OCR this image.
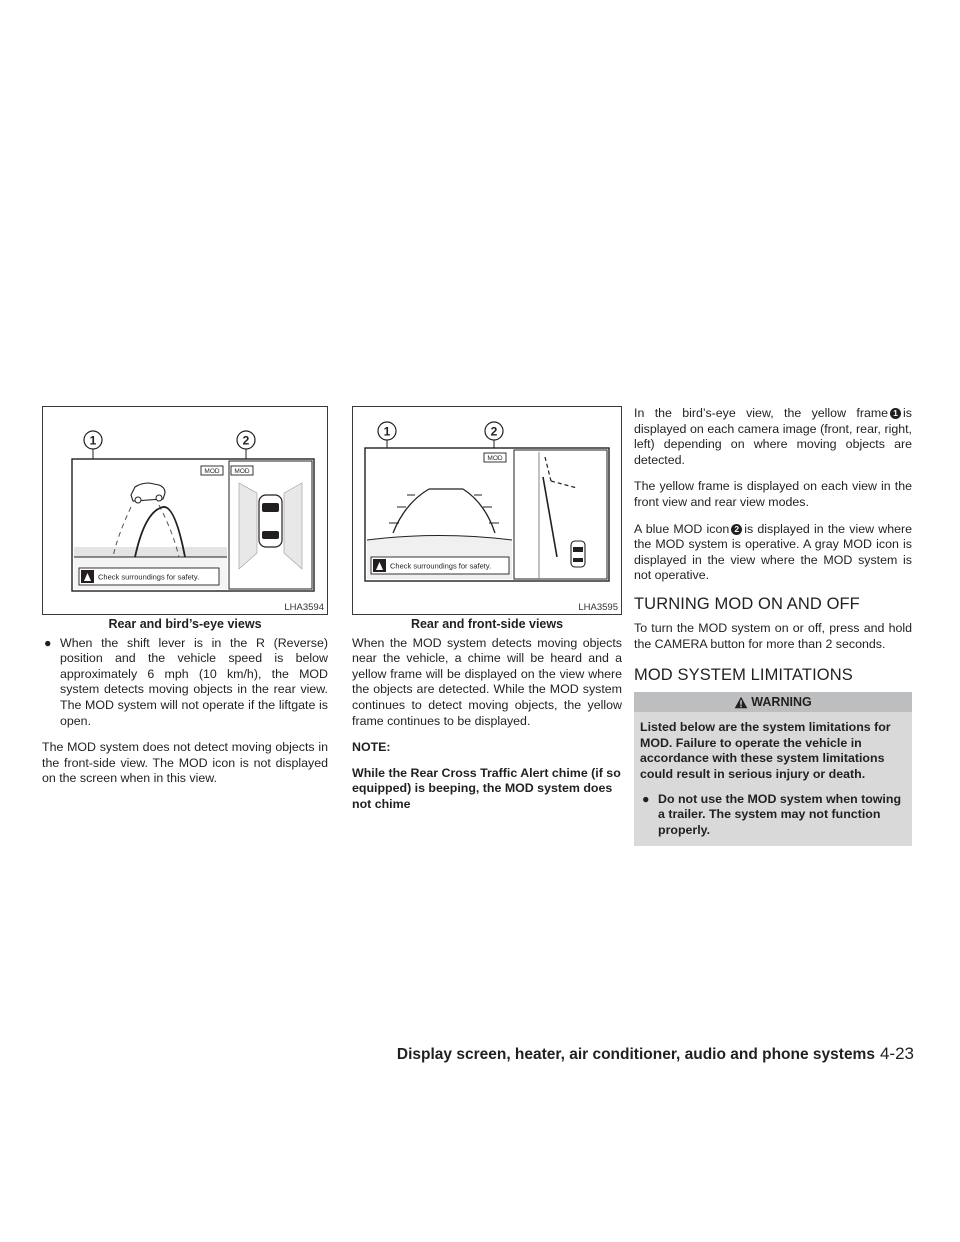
1	2
MOD
Check surroundings for safety.
MOD
LHA3594
Rear and bird’s-eye views
● When the shift lever is in the R (Reverse) position and the vehicle speed is below approximately 6 mph (10 km/h), the MOD system detects moving objects in the rear view. The MOD system will not operate if the liftgate is open.

The MOD system does not detect moving objects in the front-side view. The MOD icon is not displayed on the screen when in this view.

1	2
MOD
Check surroundings for safety.
LHA3595
Rear and front-side views

When the MOD system detects moving objects near the vehicle, a chime will be heard and a yellow frame will be displayed on the view where the objects are detected. While the MOD system continues to detect moving objects, the yellow frame continues to be displayed.

NOTE:

While the Rear Cross Traffic Alert chime (if so equipped) is beeping, the MOD system does not chime

In the bird’s-eye view, the yellow frame 1 is displayed on each camera image (front, rear, right, left) depending on where moving objects are detected.

The yellow frame is displayed on each view in the front view and rear view modes.

A blue MOD icon 2 is displayed in the view where the MOD system is operative. A gray MOD icon is displayed in the view where the MOD system is not operative.

TURNING MOD ON AND OFF

To turn the MOD system on or off, press and hold the CAMERA button for more than 2 seconds.

MOD SYSTEM LIMITATIONS
WARNING

Listed below are the system limitations for MOD. Failure to operate the vehicle in accordance with these system limitations could result in serious injury or death.

● Do not use the MOD system when towing a trailer. The system may not function properly.
Display screen, heater, air conditioner, audio and phone systems 4-23
